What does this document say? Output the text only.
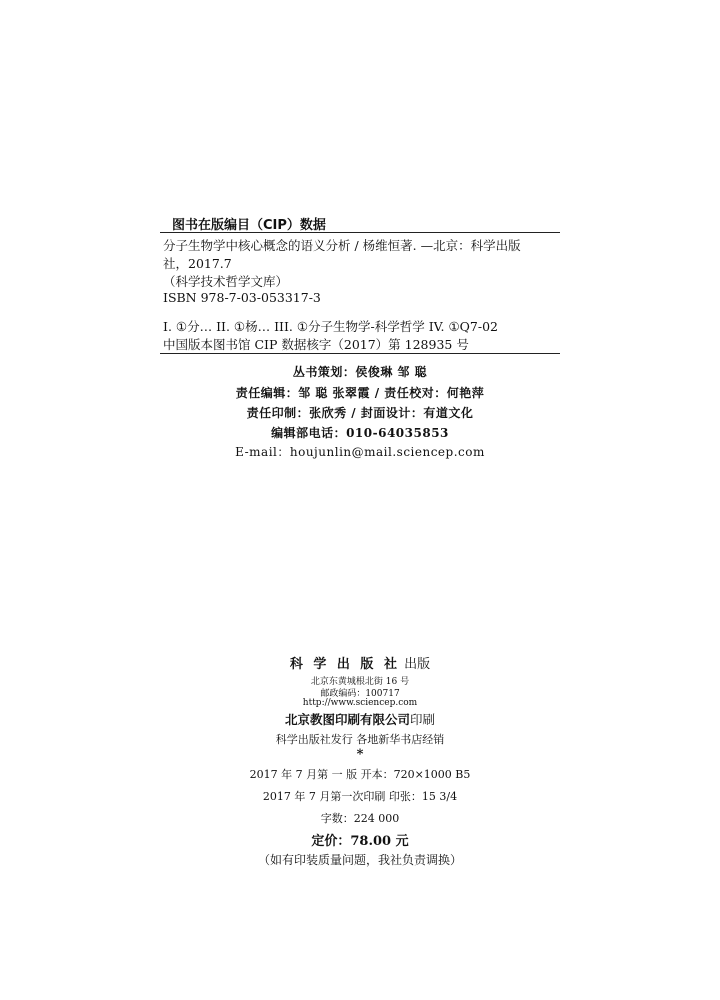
图书在版编目（CIP）数据
分子生物学中核心概念的语义分析 / 杨维恒著. —北京：科学出版
社，2017.7
（科学技术哲学文库）
ISBN 978-7-03-053317-3
I. ①分… II. ①杨… III. ①分子生物学-科学哲学 IV. ①Q7-02
中国版本图书馆 CIP 数据核字（2017）第 128935 号
丛书策划：侯俊琳 邹 聪
责任编辑：邹 聪 张翠霞 / 责任校对：何艳萍
责任印制：张欣秀 / 封面设计：有道文化
编辑部电话：010-64035853
E-mail：houjunlin@mail.sciencep.com
科 学 出 版 社 出版
北京东黄城根北街 16 号
邮政编码：100717
http://www.sciencep.com
北京教图印刷有限公司印刷
科学出版社发行 各地新华书店经销
*
2017 年 7 月第 一 版 开本：720×1000 B5
2017 年 7 月第一次印刷 印张：15 3/4
字数：224 000
定价：78.00 元
（如有印装质量问题，我社负责调换）
